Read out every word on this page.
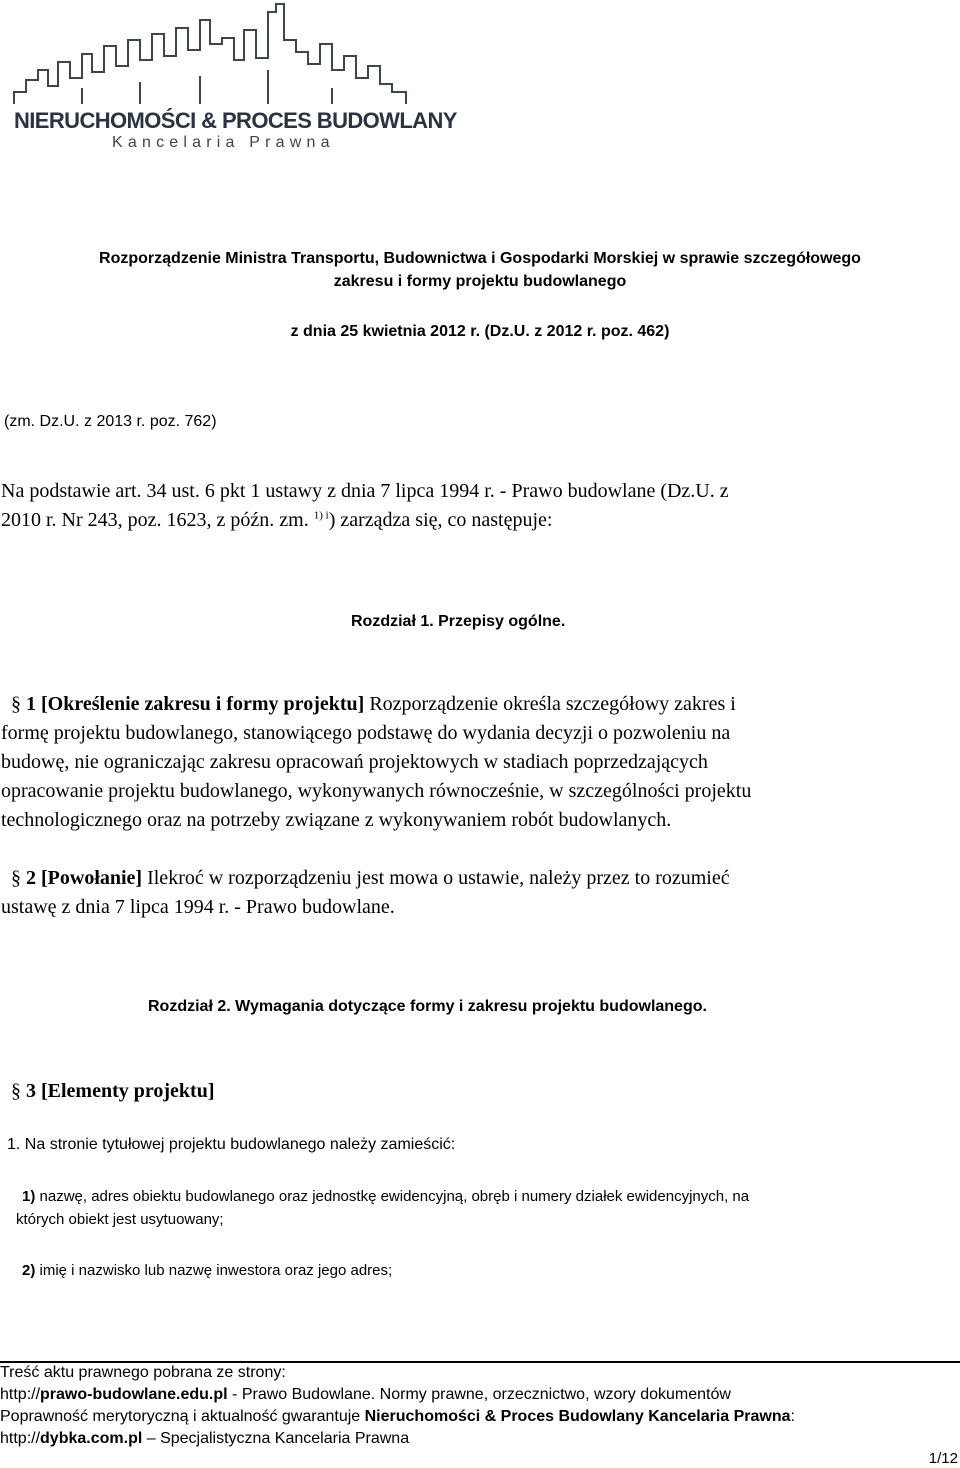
NIERUCHOMOŚCI & PROCES BUDOWLANY
Kancelaria Prawna
Rozporządzenie Ministra Transportu, Budownictwa i Gospodarki Morskiej w sprawie szczegółowego
zakresu i formy projektu budowlanego
z dnia 25 kwietnia 2012 r. (Dz.U. z 2012 r. poz. 462)
(zm. Dz.U. z 2013 r. poz. 762)
Na podstawie art. 34 ust. 6 pkt 1 ustawy z dnia 7 lipca 1994 r. - Prawo budowlane (Dz.U. z
2010 r. Nr 243, poz. 1623, z późn. zm. $^{1) i}$) zarządza się, co następuje:
Rozdział 1. Przepisy ogólne.
§ 1 [Określenie zakresu i formy projektu] Rozporządzenie określa szczegółowy zakres i
formę projektu budowlanego, stanowiącego podstawę do wydania decyzji o pozwoleniu na
budowę, nie ograniczając zakresu opracowań projektowych w stadiach poprzedzających
opracowanie projektu budowlanego, wykonywanych równocześnie, w szczególności projektu
technologicznego oraz na potrzeby związane z wykonywaniem robót budowlanych.
§ 2 [Powołanie] Ilekroć w rozporządzeniu jest mowa o ustawie, należy przez to rozumieć
ustawę z dnia 7 lipca 1994 r. - Prawo budowlane.
Rozdział 2. Wymagania dotyczące formy i zakresu projektu budowlanego.
§ 3 [Elementy projektu]
1. Na stronie tytułowej projektu budowlanego należy zamieścić:
1) nazwę, adres obiektu budowlanego oraz jednostkę ewidencyjną, obręb i numery działek ewidencyjnych, na
których obiekt jest usytuowany;
2) imię i nazwisko lub nazwę inwestora oraz jego adres;
Treść aktu prawnego pobrana ze strony:
http://prawo-budowlane.edu.pl - Prawo Budowlane. Normy prawne, orzecznictwo, wzory dokumentów
Poprawność merytoryczną i aktualność gwarantuje Nieruchomości & Proces Budowlany Kancelaria Prawna:
http://dybka.com.pl – Specjalistyczna Kancelaria Prawna
1/12
